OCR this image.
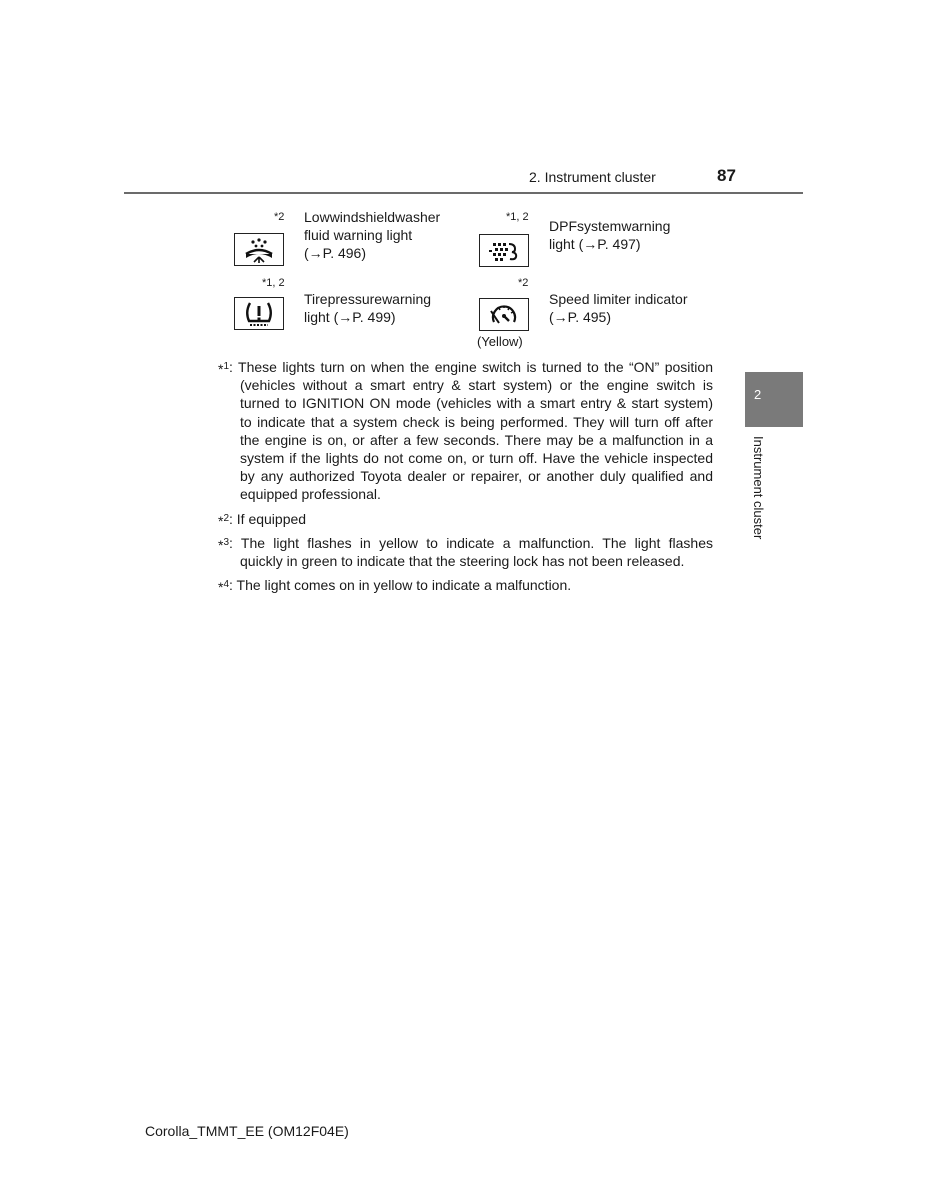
2. Instrument cluster	87
2
Instrument cluster
*2 Lowwindshieldwasher
fluid warning light
(→P. 496)
*1, 2
DPFsystemwarning
light (→P. 497)
*1, 2
Tirepressurewarning
light (→P. 499)
*2
(Yellow)
Speed limiter indicator
(→P. 495)
*$^1$ : These lights turn on when the engine switch is turned to the “ON” position
(vehicles without a smart entry & start system) or the engine switch is
turned to IGNITION ON mode (vehicles with a smart entry & start system)
to indicate that a system check is being performed. They will turn off after
the engine is on, or after a few seconds. There may be a malfunction in a
system if the lights do not come on, or turn off. Have the vehicle inspected
by any authorized Toyota dealer or repairer, or another duly qualified and
equipped professional.
*$^2$ : If equipped
*$^3$ : The light flashes in yellow to indicate a malfunction. The light flashes
quickly in green to indicate that the steering lock has not been released.
*$^4$ : The light comes on in yellow to indicate a malfunction.
Corolla_TMMT_EE (OM12F04E)
